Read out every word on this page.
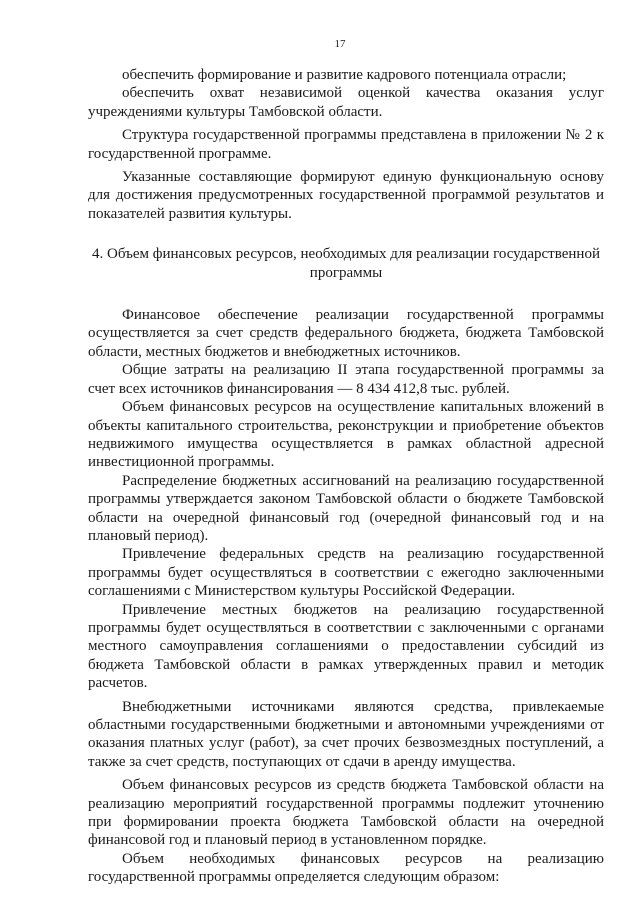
17

обеспечить формирование и развитие кадрового потенциала отрасли;

обеспечить охват независимой оценкой качества оказания услуг учреждениями культуры Тамбовской области.

Структура государственной программы представлена в приложении № 2 к государственной программе.

Указанные составляющие формируют единую функциональную основу для достижения предусмотренных государственной программой результатов и показателей развития культуры.

4. Объем финансовых ресурсов, необходимых для реализации государственной программы

Финансовое обеспечение реализации государственной программы осуществляется за счет средств федерального бюджета, бюджета Тамбовской области, местных бюджетов и внебюджетных источников.

Общие затраты на реализацию II этапа государственной программы за счет всех источников финансирования — 8 434 412,8 тыс. рублей.

Объем финансовых ресурсов на осуществление капитальных вложений в объекты капитального строительства, реконструкции и приобретение объектов недвижимого имущества осуществляется в рамках областной адресной инвестиционной программы.

Распределение бюджетных ассигнований на реализацию государственной программы утверждается законом Тамбовской области о бюджете Тамбовской области на очередной финансовый год (очередной финансовый год и на плановый период).

Привлечение федеральных средств на реализацию государственной программы будет осуществляться в соответствии с ежегодно заключенными соглашениями с Министерством культуры Российской Федерации.

Привлечение местных бюджетов на реализацию государственной программы будет осуществляться в соответствии с заключенными с органами местного самоуправления соглашениями о предоставлении субсидий из бюджета Тамбовской области в рамках утвержденных правил и методик расчетов.

Внебюджетными источниками являются средства, привлекаемые областными государственными бюджетными и автономными учреждениями от оказания платных услуг (работ), за счет прочих безвозмездных поступлений, а также за счет средств, поступающих от сдачи в аренду имущества.

Объем финансовых ресурсов из средств бюджета Тамбовской области на реализацию мероприятий государственной программы подлежит уточнению при формировании проекта бюджета Тамбовской области на очередной финансовой год и плановый период в установленном порядке.

Объем необходимых финансовых ресурсов на реализацию государственной программы определяется следующим образом:
